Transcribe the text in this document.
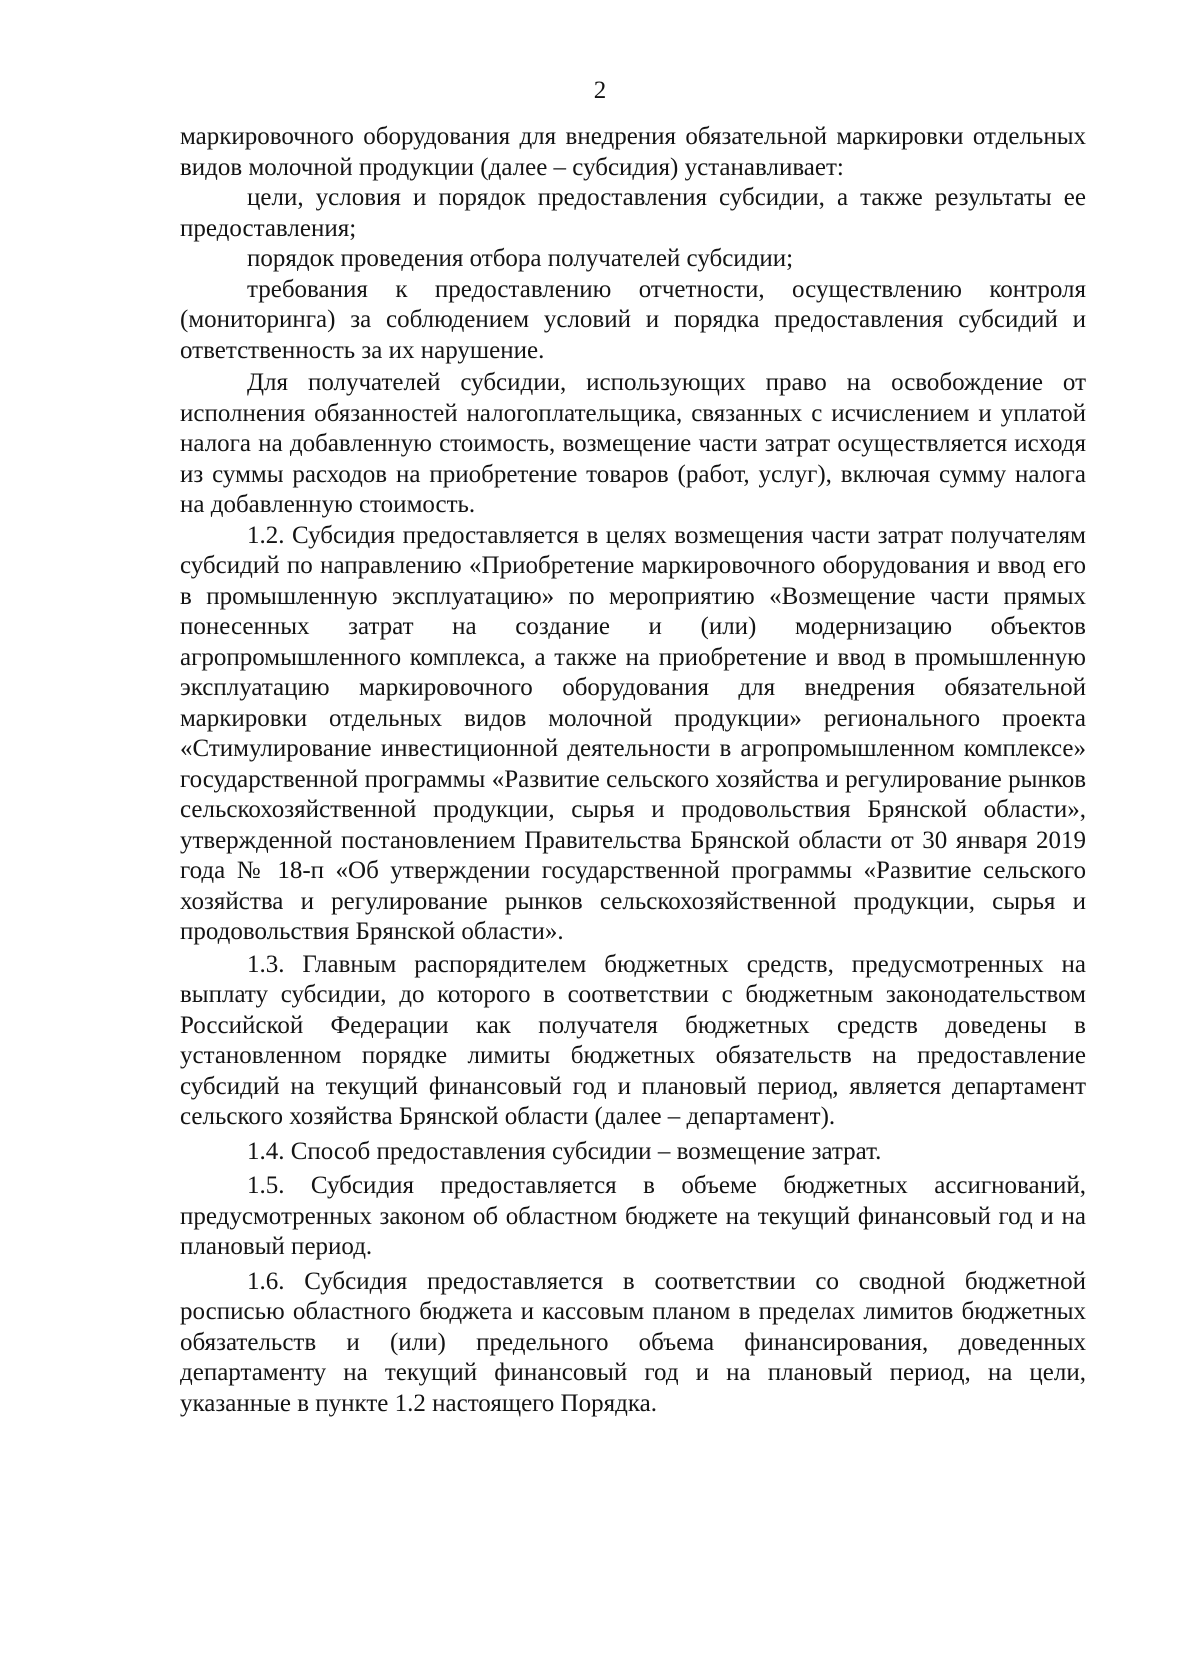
2

маркировочного оборудования для внедрения обязательной маркировки отдельных видов молочной продукции (далее – субсидия) устанавливает:

цели, условия и порядок предоставления субсидии, а также результаты ее предоставления;

порядок проведения отбора получателей субсидии;

требования к предоставлению отчетности, осуществлению контроля (мониторинга) за соблюдением условий и порядка предоставления субсидий и ответственность за их нарушение.

Для получателей субсидии, использующих право на освобождение от исполнения обязанностей налогоплательщика, связанных с исчислением и уплатой налога на добавленную стоимость, возмещение части затрат осуществляется исходя из суммы расходов на приобретение товаров (работ, услуг), включая сумму налога на добавленную стоимость.

1.2. Субсидия предоставляется в целях возмещения части затрат получателям субсидий по направлению «Приобретение маркировочного оборудования и ввод его в промышленную эксплуатацию» по мероприятию «Возмещение части прямых понесенных затрат на создание и (или) модернизацию объектов агропромышленного комплекса, а также на приобретение и ввод в промышленную эксплуатацию маркировочного оборудования для внедрения обязательной маркировки отдельных видов молочной продукции» регионального проекта «Стимулирование инвестиционной деятельности в агропромышленном комплексе» государственной программы «Развитие сельского хозяйства и регулирование рынков сельскохозяйственной продукции, сырья и продовольствия Брянской области», утвержденной постановлением Правительства Брянской области от 30 января 2019 года № 18-п «Об утверждении государственной программы «Развитие сельского хозяйства и регулирование рынков сельскохозяйственной продукции, сырья и продовольствия Брянской области».

1.3. Главным распорядителем бюджетных средств, предусмотренных на выплату субсидии, до которого в соответствии с бюджетным законодательством Российской Федерации как получателя бюджетных средств доведены в установленном порядке лимиты бюджетных обязательств на предоставление субсидий на текущий финансовый год и плановый период, является департамент сельского хозяйства Брянской области (далее – департамент).

1.4. Способ предоставления субсидии – возмещение затрат.

1.5. Субсидия предоставляется в объеме бюджетных ассигнований, предусмотренных законом об областном бюджете на текущий финансовый год и на плановый период.

1.6. Субсидия предоставляется в соответствии со сводной бюджетной росписью областного бюджета и кассовым планом в пределах лимитов бюджетных обязательств и (или) предельного объема финансирования, доведенных департаменту на текущий финансовый год и на плановый период, на цели, указанные в пункте 1.2 настоящего Порядка.
